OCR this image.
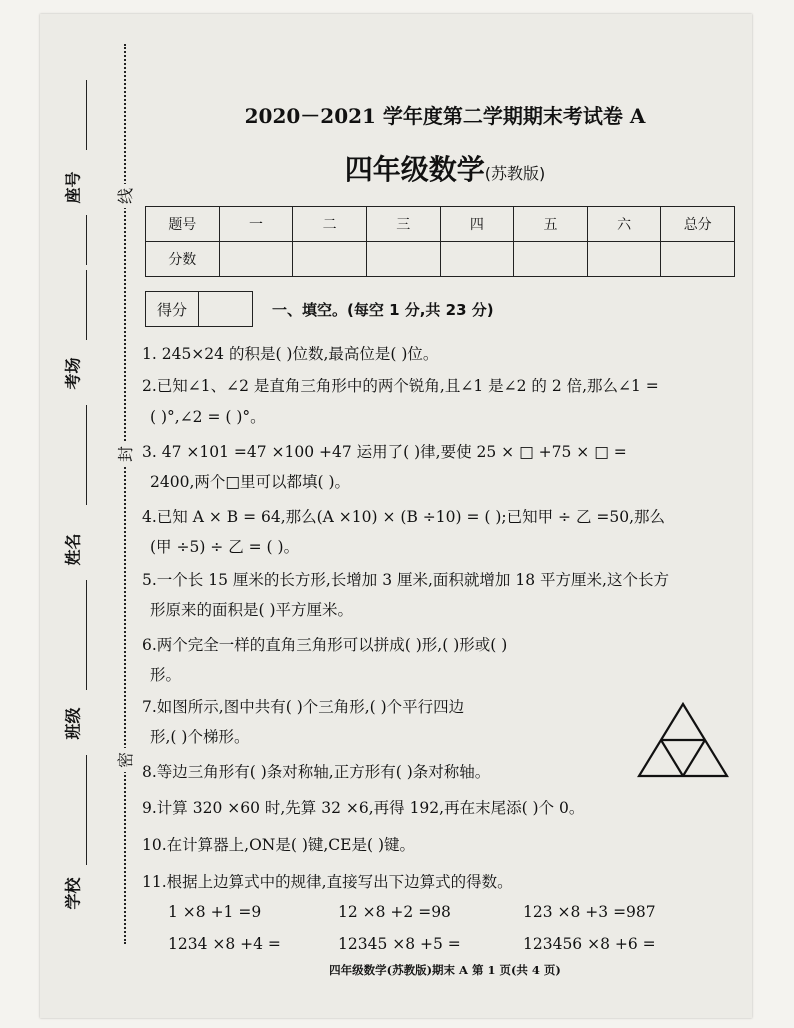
座号
考场
姓名
班级
学校
线
封
密
2020－2021 学年度第二学期期末考试卷 A
四年级数学(苏教版)
题号	一	二	三	四	五	六	总分
分数							
得分	一、填空。(每空 1 分,共 23 分)
1. 245×24 的积是( )位数,最高位是( )位。
2.已知∠1、∠2 是直角三角形中的两个锐角,且∠1 是∠2 的 2 倍,那么∠1 =
( )°,∠2 = ( )°。
3. 47 ×101 =47 ×100 +47 运用了( )律,要使 25 × □ +75 × □ =
2400,两个□里可以都填( )。
4.已知 A × B = 64,那么(A ×10) × (B ÷10) = ( );已知甲 ÷ 乙 =50,那么
(甲 ÷5) ÷ 乙 = ( )。
5.一个长 15 厘米的长方形,长增加 3 厘米,面积就增加 18 平方厘米,这个长方
形原来的面积是( )平方厘米。
6.两个完全一样的直角三角形可以拼成( )形,( )形或( )
形。
7.如图所示,图中共有( )个三角形,( )个平行四边
形,( )个梯形。
8.等边三角形有( )条对称轴,正方形有( )条对称轴。
9.计算 320 ×60 时,先算 32 ×6,再得 192,再在末尾添( )个 0。
10.在计算器上,ON是( )键,CE是( )键。
11.根据上边算式中的规律,直接写出下边算式的得数。
1 ×8 +1 =9	12 ×8 +2 =98	123 ×8 +3 =987
1234 ×8 +4 =	12345 ×8 +5 =	123456 ×8 +6 =
四年级数学(苏教版)期末 A 第 1 页(共 4 页)
